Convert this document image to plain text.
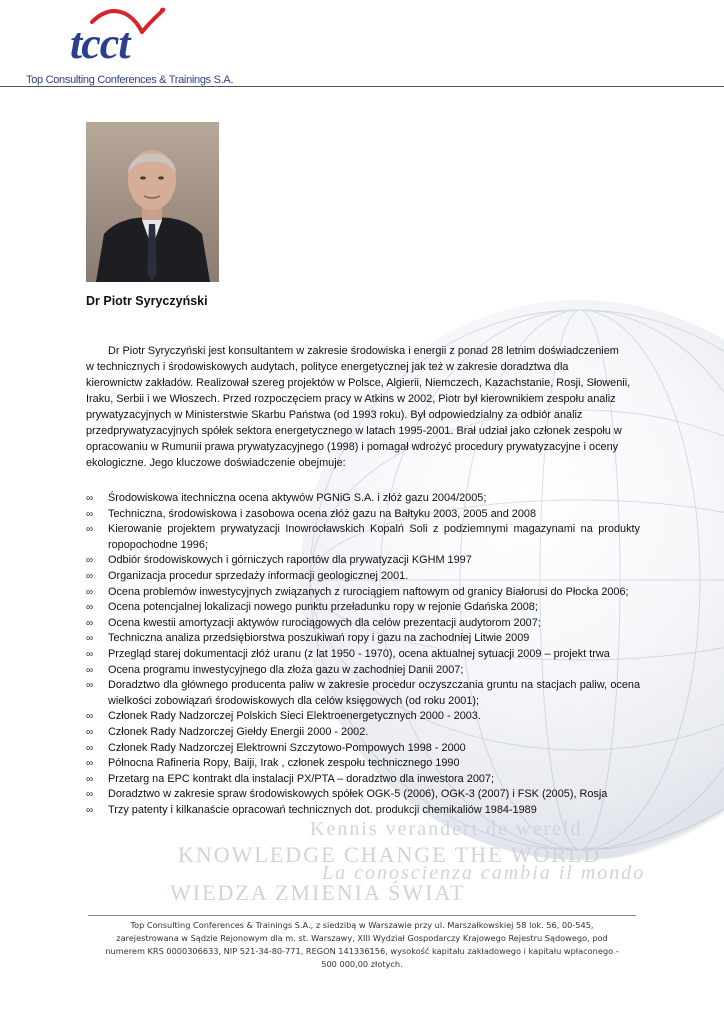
Kennis verandert de wereld
KNOWLEDGE CHANGE THE WORLD
La conoscienza cambia il mondo
WIEDZA ZMIENIA ŚWIAT
tcct
Top Consulting Conferences & Trainings S.A.
Dr Piotr Syryczyński
Dr Piotr Syryczyński jest konsultantem w zakresie środowiska i energii z ponad 28 letnim doświadczeniem
w technicznych i środowiskowych audytach, polityce energetycznej jak też w zakresie doradztwa dla
kierownictw zakładów. Realizował szereg projektów w Polsce, Algierii, Niemczech, Kazachstanie, Rosji, Słowenii,
Iraku, Serbii i we Włoszech. Przed rozpoczęciem pracy w Atkins w 2002, Piotr był kierownikiem zespołu analiz
prywatyzacyjnych w Ministerstwie Skarbu Państwa (od 1993 roku). Był odpowiedzialny za odbiór analiz
przedprywatyzacyjnych spółek sektora energetycznego w latach 1995-2001. Brał udział jako członek zespołu w
opracowaniu w Rumunii prawa prywatyzacyjnego (1998) i pomagał wdrożyć procedury prywatyzacyjne i oceny
ekologiczne. Jego kluczowe doświadczenie obejmuje:
∞ Środowiskowa itechniczna ocena aktywów PGNiG S.A. i złóż gazu 2004/2005;
∞ Techniczna, środowiskowa i zasobowa ocena złóż gazu na Bałtyku 2003, 2005 and 2008
∞ Kierowanie projektem prywatyzacji Inowrocławskich Kopalń Soli z podziemnymi magazynami na produkty ropopochodne 1996;
∞ Odbiór środowiskowych i górniczych raportów dla prywatyzacji KGHM 1997
∞ Organizacja procedur sprzedaży informacji geologicznej 2001.
∞ Ocena problemów inwestycyjnych związanych z rurociągiem naftowym od granicy Białorusi do Płocka 2006;
∞ Ocena potencjalnej lokalizacji nowego punktu przeładunku ropy w rejonie Gdańska 2008;
∞ Ocena kwestii amortyzacji aktywów rurociągowych dla celów prezentacji audytorom 2007;
∞ Techniczna analiza przedsiębiorstwa poszukiwań ropy i gazu na zachodniej Litwie 2009
∞ Przegląd starej dokumentacji złóż uranu (z lat 1950 - 1970), ocena aktualnej sytuacji 2009 – projekt trwa
∞ Ocena programu inwestycyjnego dla złoża gazu w zachodniej Danii 2007;
∞ Doradztwo dla głównego producenta paliw w zakresie procedur oczyszczania gruntu na stacjach paliw, ocena wielkości zobowiązań środowiskowych dla celów księgowych (od roku 2001);
∞ Członek Rady Nadzorczej Polskich Sieci Elektroenergetycznych 2000 - 2003.
∞ Członek Rady Nadzorczej Giełdy Energii 2000 - 2002.
∞ Członek Rady Nadzorczej Elektrowni Szczytowo-Pompowych 1998 - 2000
∞ Północna Rafineria Ropy, Baiji, Irak , członek zespołu technicznego 1990
∞ Przetarg na EPC kontrakt dla instalacji PX/PTA – doradztwo dla inwestora 2007;
∞ Doradztwo w zakresie spraw środowiskowych spółek OGK-5 (2006), OGK-3 (2007) i FSK (2005), Rosja
∞ Trzy patenty i kilkanaście opracowań technicznych dot. produkcji chemikaliów 1984-1989
Top Consulting Conferences & Trainings S.A., z siedzibą w Warszawie przy ul. Marszałkowskiej 58 lok. 56, 00-545,
zarejestrowana w Sądzie Rejonowym dla m. st. Warszawy, XIII Wydział Gospodarczy Krajowego Rejestru Sądowego, pod
numerem KRS 0000306633, NIP 521-34-80-771, REGON 141336156, wysokość kapitału zakładowego i kapitału wpłaconego -
500 000,00 złotych.
